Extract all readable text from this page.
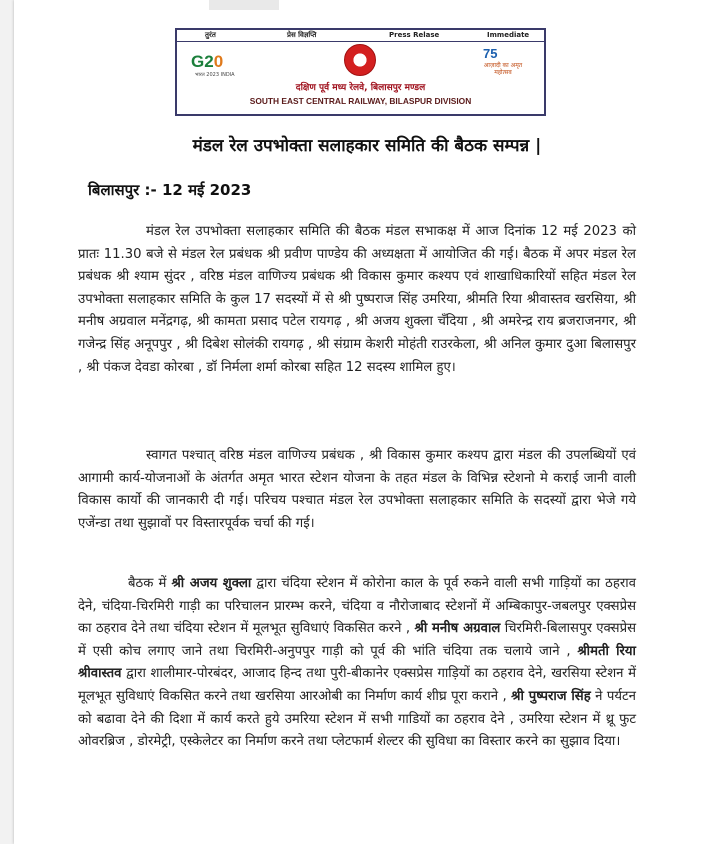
तुरंत	प्रेस विज्ञप्ति	Press Relase	Immediate
G20
भारत 2023 INDIA
75
आज़ादी का अमृत महोत्सव
दक्षिण पूर्व मध्य रेलवे, बिलासपुर मण्डल
SOUTH EAST CENTRAL RAILWAY, BILASPUR DIVISION
मंडल रेल उपभोक्ता सलाहकार समिति की बैठक सम्पन्न |
बिलासपुर :- 12 मई 2023
मंडल रेल उपभोक्ता सलाहकार समिति की बैठक मंडल सभाकक्ष में आज दिनांक 12 मई 2023 को प्रातः 11.30 बजे से मंडल रेल प्रबंधक श्री प्रवीण पाण्डेय की अध्यक्षता में आयोजित की गई। बैठक में अपर मंडल रेल प्रबंधक श्री श्याम सुंदर , वरिष्ठ मंडल वाणिज्य प्रबंधक श्री विकास कुमार कश्यप एवं शाखाधिकारियों सहित मंडल रेल उपभोक्ता सलाहकार समिति के कुल 17 सदस्यों में से श्री पुष्पराज सिंह उमरिया, श्रीमति रिया श्रीवास्तव खरसिया, श्री मनीष अग्रवाल मनेंद्रगढ़, श्री कामता प्रसाद पटेल रायगढ़ , श्री अजय शुक्ला चँदिया , श्री अमरेन्द्र राय ब्रजराजनगर, श्री गजेन्द्र सिंह अनूपपुर , श्री दिबेश सोलंकी रायगढ़ , श्री संग्राम केशरी मोहंती राउरकेला, श्री अनिल कुमार दुआ बिलासपुर , श्री पंकज देवडा कोरबा , डॉ निर्मला शर्मा कोरबा सहित 12 सदस्य शामिल हुए।
स्वागत पश्चात् वरिष्ठ मंडल वाणिज्य प्रबंधक , श्री विकास कुमार कश्यप द्वारा मंडल की उपलब्धियों एवं आगामी कार्य-योजनाओं के अंतर्गत अमृत भारत स्टेशन योजना के तहत मंडल के विभिन्न स्टेशनो मे कराई जानी वाली विकास कार्यो की जानकारी दी गई। परिचय पश्चात मंडल रेल उपभोक्ता सलाहकार समिति के सदस्यों द्वारा भेजे गये एजेंन्डा तथा सुझावों पर विस्तारपूर्वक चर्चा की गई।
बैठक में श्री अजय शुक्ला द्वारा चंदिया स्टेशन में कोरोना काल के पूर्व रुकने वाली सभी गाड़ियों का ठहराव देने, चंदिया-चिरमिरी गाड़ी का परिचालन प्रारम्भ करने, चंदिया व नौरोजाबाद स्टेशनों में अम्बिकापुर-जबलपुर एक्सप्रेस का ठहराव देने तथा चंदिया स्टेशन में मूलभूत सुविधाएं विकसित करने , श्री मनीष अग्रवाल चिरमिरी-बिलासपुर एक्सप्रेस में एसी कोच लगाए जाने तथा चिरमिरी-अनुपपुर गाड़ी को पूर्व की भांति चंदिया तक चलाये जाने , श्रीमती रिया श्रीवास्तव द्वारा शालीमार-पोरबंदर, आजाद हिन्द तथा पुरी-बीकानेर एक्सप्रेस गाड़ियों का ठहराव देने, खरसिया स्टेशन में मूलभूत सुविधाएं विकसित करने तथा खरसिया आरओबी का निर्माण कार्य शीघ्र पूरा कराने , श्री पुष्पराज सिंह ने पर्यटन को बढावा देने की दिशा में कार्य करते हुये उमरिया स्टेशन में सभी गाडियों का ठहराव देने , उमरिया स्टेशन में थ्रू फुट ओवरब्रिज , डोरमेट्री, एस्केलेटर का निर्माण करने तथा प्लेटफार्म शेल्टर की सुविधा का विस्तार करने का सुझाव दिया।
